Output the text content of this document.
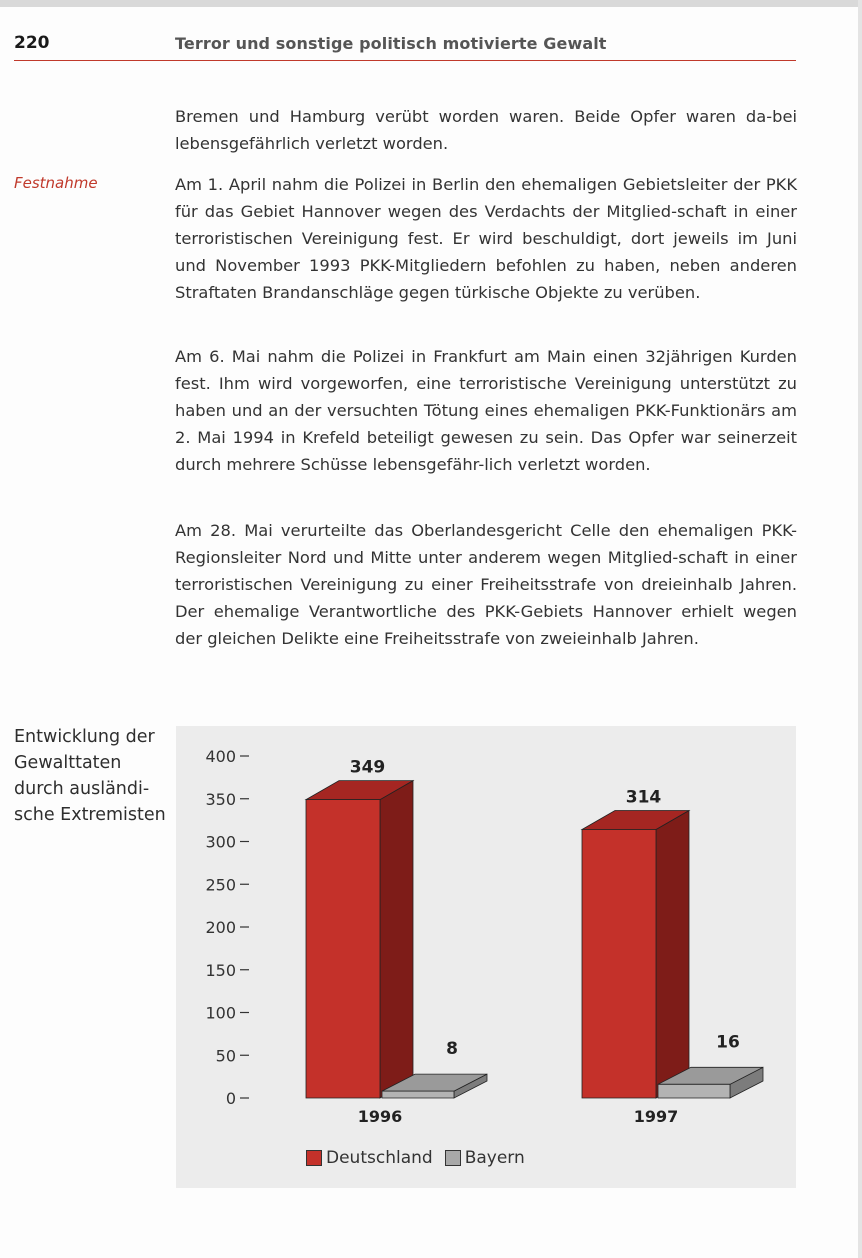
220	Terror und sonstige politisch motivierte Gewalt
Festnahme

Bremen und Hamburg verübt worden waren. Beide Opfer waren da-bei lebensgefährlich verletzt worden.

Am 1. April nahm die Polizei in Berlin den ehemaligen Gebietsleiter der PKK für das Gebiet Hannover wegen des Verdachts der Mitglied-schaft in einer terroristischen Vereinigung fest. Er wird beschuldigt, dort jeweils im Juni und November 1993 PKK-Mitgliedern befohlen zu haben, neben anderen Straftaten Brandanschläge gegen türkische Objekte zu verüben.

Am 6. Mai nahm die Polizei in Frankfurt am Main einen 32jährigen Kurden fest. Ihm wird vorgeworfen, eine terroristische Vereinigung unterstützt zu haben und an der versuchten Tötung eines ehemaligen PKK-Funktionärs am 2. Mai 1994 in Krefeld beteiligt gewesen zu sein. Das Opfer war seinerzeit durch mehrere Schüsse lebensgefähr-lich verletzt worden.

Am 28. Mai verurteilte das Oberlandesgericht Celle den ehemaligen PKK-Regionsleiter Nord und Mitte unter anderem wegen Mitglied-schaft in einer terroristischen Vereinigung zu einer Freiheitsstrafe von dreieinhalb Jahren. Der ehemalige Verantwortliche des PKK-Gebiets Hannover erhielt wegen der gleichen Delikte eine Freiheitsstrafe von zweieinhalb Jahren.

Entwicklung der Gewalttaten durch ausländi-sche Extremisten
0
50
100
150
200
250
300
350
400
349
8
1996
314
16
1997
Deutschland Bayern
